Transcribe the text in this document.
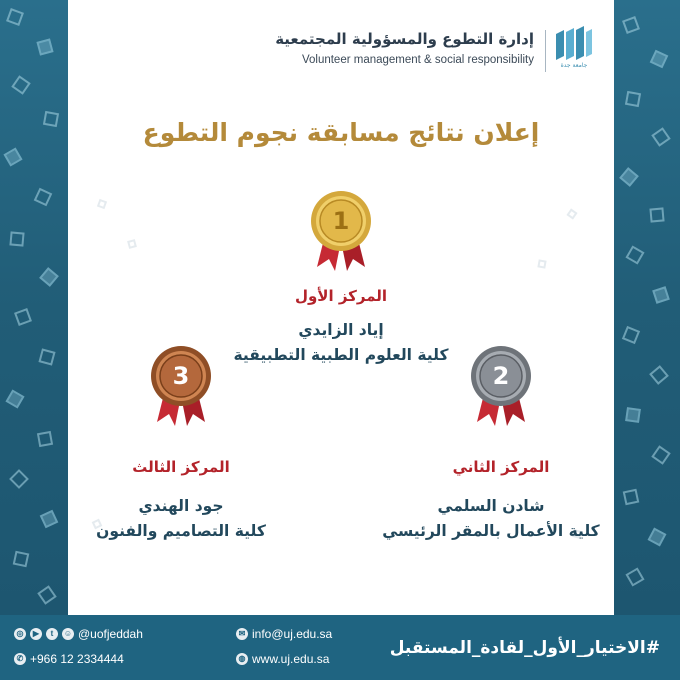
إدارة التطوع والمسؤولية المجتمعية
Volunteer management & social responsibility	جامعة جدة
إعلان نتائج مسابقة نجوم التطوع
1
المركز الأول
إياد الزايدي
كلية العلوم الطبية التطبيقية
2
المركز الثاني
شادن السلمي
كلية الأعمال بالمقر الرئيسي
3
المركز الثالث
جود الهندي
كلية التصاميم والفنون
◎	▶	t	☺ @uofjeddah
✆ +966 12 2334444
✉ info@uj.edu.sa
◍ www.uj.edu.sa
#الاختيار_الأول_لقادة_المستقبل
